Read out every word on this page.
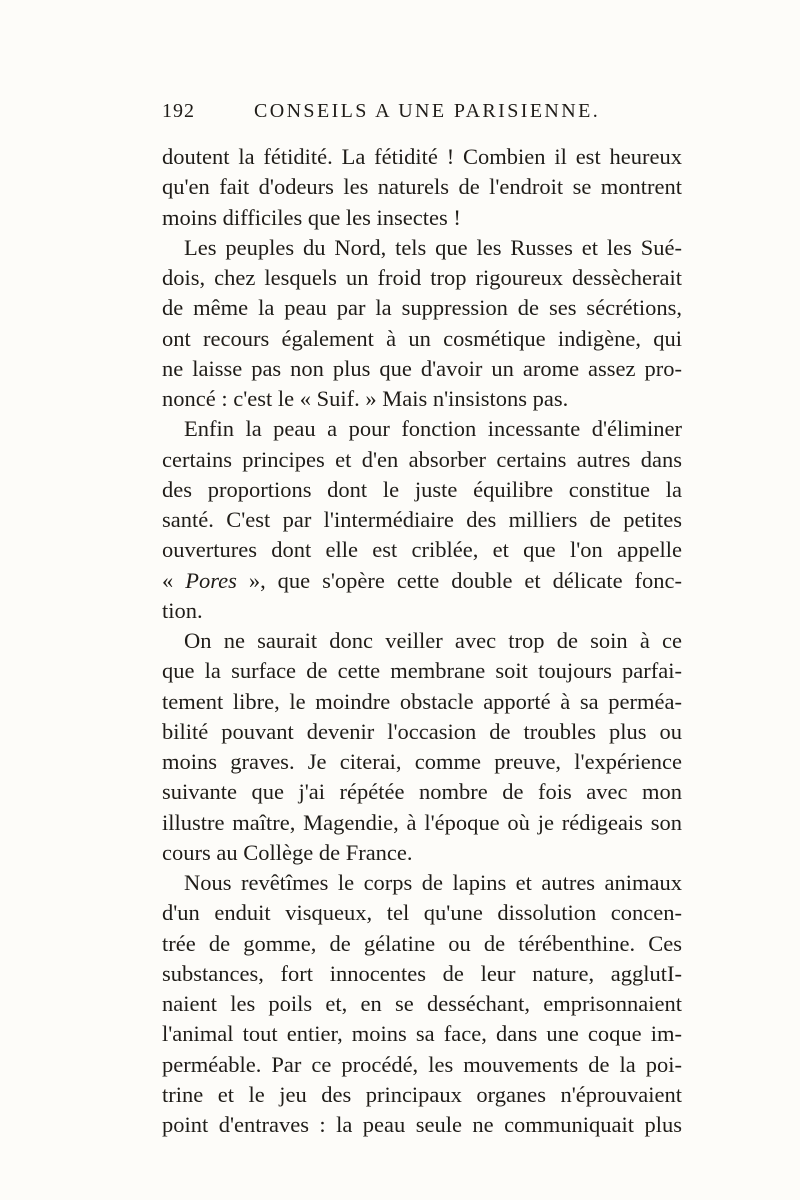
192	CONSEILS A UNE PARISIENNE.
doutent la fétidité. La fétidité ! Combien il est heureux
qu'en fait d'odeurs les naturels de l'endroit se montrent
moins difficiles que les insectes !
Les peuples du Nord, tels que les Russes et les Sué-
dois, chez lesquels un froid trop rigoureux dessècherait
de même la peau par la suppression de ses sécrétions,
ont recours également à un cosmétique indigène, qui
ne laisse pas non plus que d'avoir un arome assez pro-
noncé : c'est le « Suif. » Mais n'insistons pas.
Enfin la peau a pour fonction incessante d'éliminer
certains principes et d'en absorber certains autres dans
des proportions dont le juste équilibre constitue la
santé. C'est par l'intermédiaire des milliers de petites
ouvertures dont elle est criblée, et que l'on appelle
« Pores », que s'opère cette double et délicate fonc-
tion.
On ne saurait donc veiller avec trop de soin à ce
que la surface de cette membrane soit toujours parfai-
tement libre, le moindre obstacle apporté à sa perméa-
bilité pouvant devenir l'occasion de troubles plus ou
moins graves. Je citerai, comme preuve, l'expérience
suivante que j'ai répétée nombre de fois avec mon
illustre maître, Magendie, à l'époque où je rédigeais son
cours au Collège de France.
Nous revêtîmes le corps de lapins et autres animaux
d'un enduit visqueux, tel qu'une dissolution concen-
trée de gomme, de gélatine ou de térébenthine. Ces
substances, fort innocentes de leur nature, agglutI-
naient les poils et, en se desséchant, emprisonnaient
l'animal tout entier, moins sa face, dans une coque im-
perméable. Par ce procédé, les mouvements de la poi-
trine et le jeu des principaux organes n'éprouvaient
point d'entraves : la peau seule ne communiquait plus
